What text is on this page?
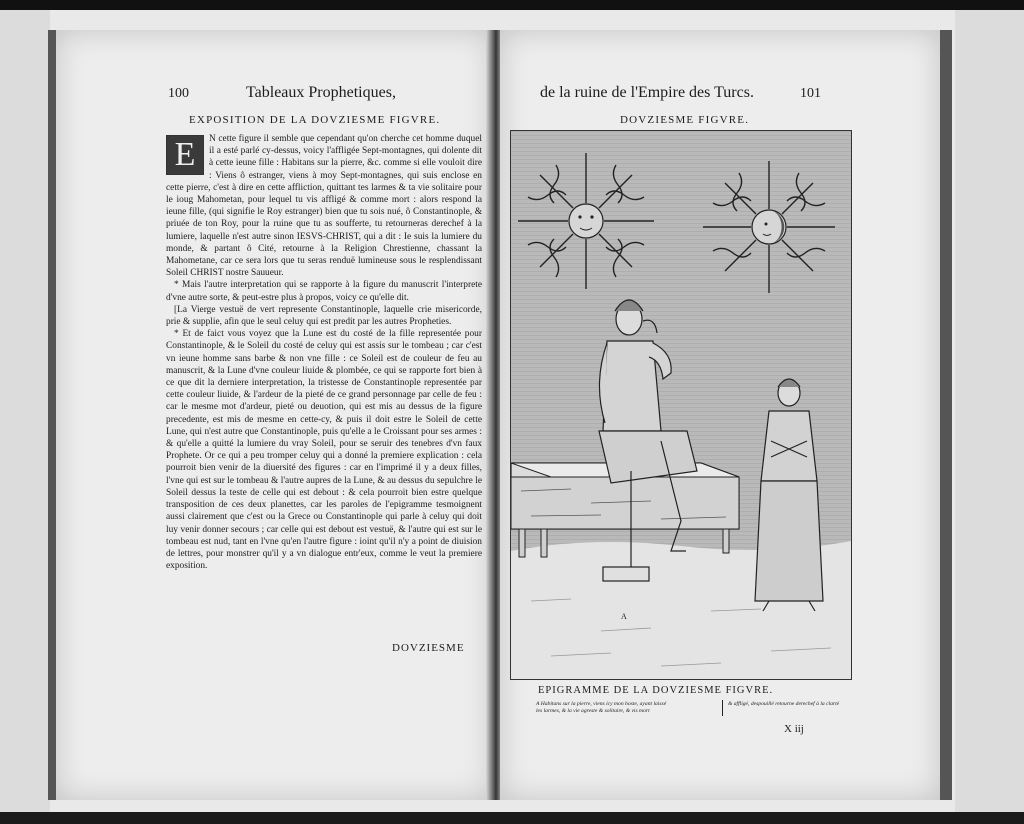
100	Tableaux Prophetiques,
EXPOSITION DE LA DOVZIESME FIGVRE.

E	N cette figure il semble que cependant qu'on cherche cet homme duquel il a esté parlé cy-dessus, voicy l'affligée Sept-montagnes, qui dolente dit à cette ieune fille : Habitans sur la pierre, &c. comme si elle vouloit dire : Viens ô estranger, viens à moy Sept-montagnes, qui suis enclose en cette pierre, c'est à dire en cette affliction, quittant tes larmes & ta vie solitaire pour le ioug Mahometan, pour lequel tu vis affligé & comme mort : alors respond la ieune fille, (qui signifie le Roy estranger) bien que tu sois nué, ô Constantinople, & priuée de ton Roy, pour la ruine que tu as soufferte, tu retourneras derechef à la lumiere, laquelle n'est autre sinon IESVS-CHRIST, qui a dit : Ie suis la lumiere du monde, & partant ô Cité, retourne à la Religion Chrestienne, chassant la Mahometane, car ce sera lors que tu seras renduë lumineuse sous le resplendissant Soleil CHRIST nostre Sauueur.

* Mais l'autre interpretation qui se rapporte à la figure du manuscrit l'interprete d'vne autre sorte, & peut-estre plus à propos, voicy ce qu'elle dit.

[La Vierge vestuë de vert represente Constantinople, laquelle crie misericorde, prie & supplie, afin que le seul celuy qui est predit par les autres Propheties.

* Et de faict vous voyez que la Lune est du costé de la fille representée pour Constantinople, & le Soleil du costé de celuy qui est assis sur le tombeau ; car c'est vn ieune homme sans barbe & non vne fille : ce Soleil est de couleur de feu au manuscrit, & la Lune d'vne couleur liuide & plombée, ce qui se rapporte fort bien à ce que dit la derniere interpretation, la tristesse de Constantinople representée par cette couleur liuide, & l'ardeur de la pieté de ce grand personnage par celle de feu : car le mesme mot d'ardeur, pieté ou deuotion, qui est mis au dessus de la figure precedente, est mis de mesme en cette-cy, & puis il doit estre le Soleil de cette Lune, qui n'est autre que Constantinople, puis qu'elle a le Croissant pour ses armes : & qu'elle a quitté la lumiere du vray Soleil, pour se seruir des tenebres d'vn faux Prophete. Or ce qui a peu tromper celuy qui a donné la premiere explication : cela pourroit bien venir de la diuersité des figures : car en l'imprimé il y a deux filles, l'vne qui est sur le tombeau & l'autre aupres de la Lune, & au dessus du sepulchre le Soleil dessus la teste de celle qui est debout : & cela pourroit bien estre quelque transposition de ces deux planettes, car les paroles de l'epigramme tesmoignent aussi clairement que c'est ou la Grece ou Constantinople qui parle à celuy qui doit luy venir donner secours ; car celle qui est debout est vestuë, & l'autre qui est sur le tombeau est nud, tant en l'vne qu'en l'autre figure : ioint qu'il n'y a point de diuision de lettres, pour monstrer qu'il y a vn dialogue entr'eux, comme le veut la premiere exposition.

DOVZIESME
de la ruine de l'Empire des Turcs.	101
DOVZIESME FIGVRE.
A
EPIGRAMME DE LA DOVZIESME FIGVRE.
A Habitans sur la pierre, viens icy mon hoste, ayant laissé
les larmes, & la vie agreste & solitaire, & vis mort
& affligé, despouillé retourne derechef à la clarté
X iij
